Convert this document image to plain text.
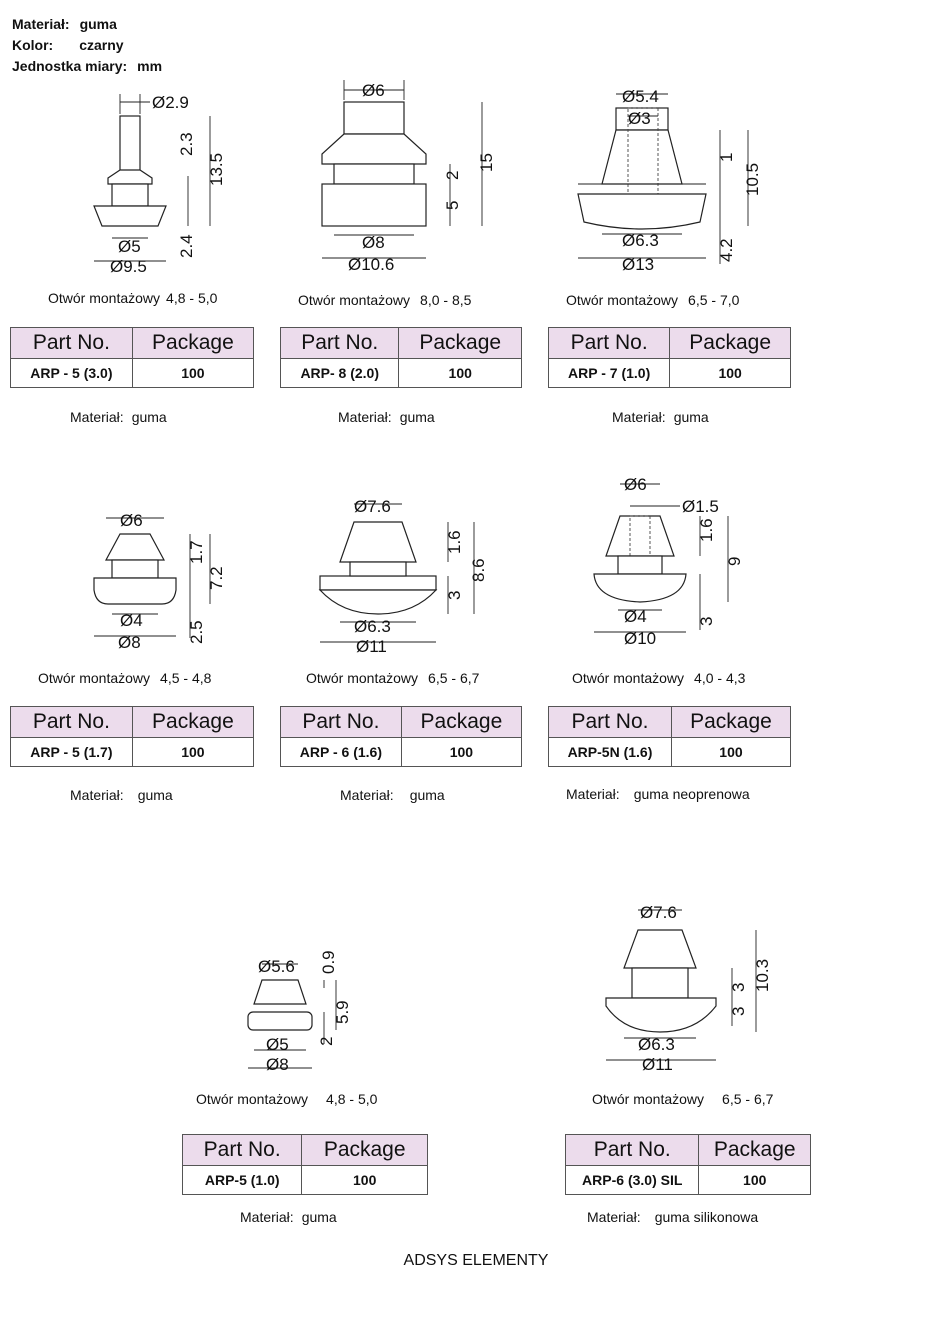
Materiał: guma
Kolor: czarny
Jednostka miary: mm
Ø2.9
2.3
13.5
Ø5
Ø9.5
2.4
Otwór montażowy 4,8 - 5,0
Part No.	Package
ARP - 5 (3.0)	100
Materiał: guma
Ø6
15
2
5
Ø8
Ø10.6
Otwór montażowy 8,0 - 8,5
Part No.	Package
ARP- 8 (2.0)	100
Materiał: guma
Ø5.4
Ø3
1
10.5
Ø6.3
Ø13
4.2
Otwór montażowy 6,5 - 7,0
Part No.	Package
ARP - 7 (1.0)	100
Materiał: guma
Ø6
1.7
7.2
Ø4
Ø8	2.5
Otwór montażowy 4,5 - 4,8
Part No.	Package
ARP - 5 (1.7)	100
Materiał: guma
Ø7.6
1.6
8.6
3
Ø6.3
Ø11
Otwór montażowy 6,5 - 6,7
Part No.	Package
ARP - 6 (1.6)	100
Materiał: guma
Ø6
Ø1.5
1.6
9
Ø4
Ø10
3
Otwór montażowy 4,0 - 4,3
Part No.	Package
ARP-5N (1.6)	100
Materiał: guma neoprenowa
Ø5.6 0.9
5.9
Ø5
Ø8
2
Otwór montażowy 4,8 - 5,0
Part No.	Package
ARP-5 (1.0)	100
Materiał: guma
Ø7.6
10.3
3
3
Ø6.3
Ø11
Otwór montażowy 6,5 - 6,7
Part No.	Package
ARP-6 (3.0) SIL	100
Materiał: guma silikonowa
ADSYS ELEMENTY
